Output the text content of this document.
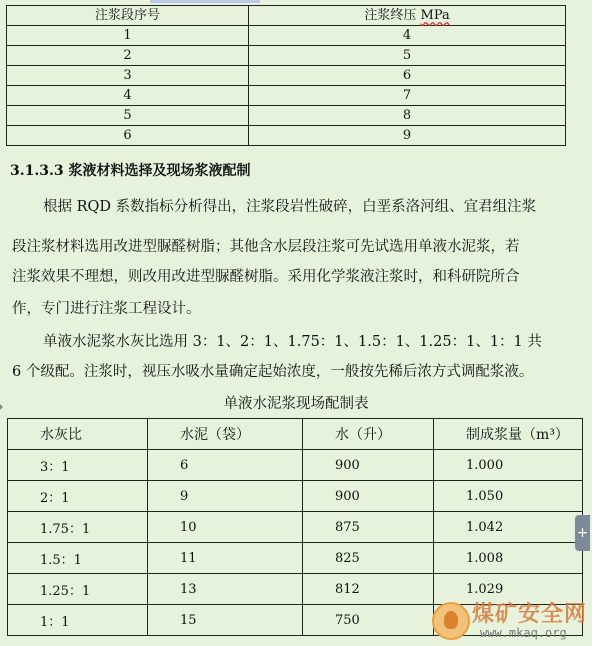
注浆段序号	注浆终压 MPa
1	4
2	5
3	6
4	7
5	8
6	9
3.1.3.3 浆液材料选择及现场浆液配制
根据 RQD 系数指标分析得出，注浆段岩性破碎，白垩系洛河组、宜君组注浆
段注浆材料选用改进型脲醛树脂；其他含水层段注浆可先试选用单液水泥浆，若
注浆效果不理想，则改用改进型脲醛树脂。采用化学浆液注浆时，和科研院所合
作，专门进行注浆工程设计。
单液水泥浆水灰比选用 3：1、2：1、1.75：1、1.5：1、1.25：1、1：1 共
6 个级配。注浆时，视压水吸水量确定起始浓度，一般按先稀后浓方式调配浆液。
单液水泥浆现场配制表
水灰比	水泥（袋）	水（升）	制成浆量（m³）
3：1	6	900	1.000
2：1	9	900	1.050
1.75：1	10	875	1.042
1.5：1	11	825	1.008
1.25：1	13	812	1.029
1：1	15	750	
+
煤矿安全网
www.mkaq.org
